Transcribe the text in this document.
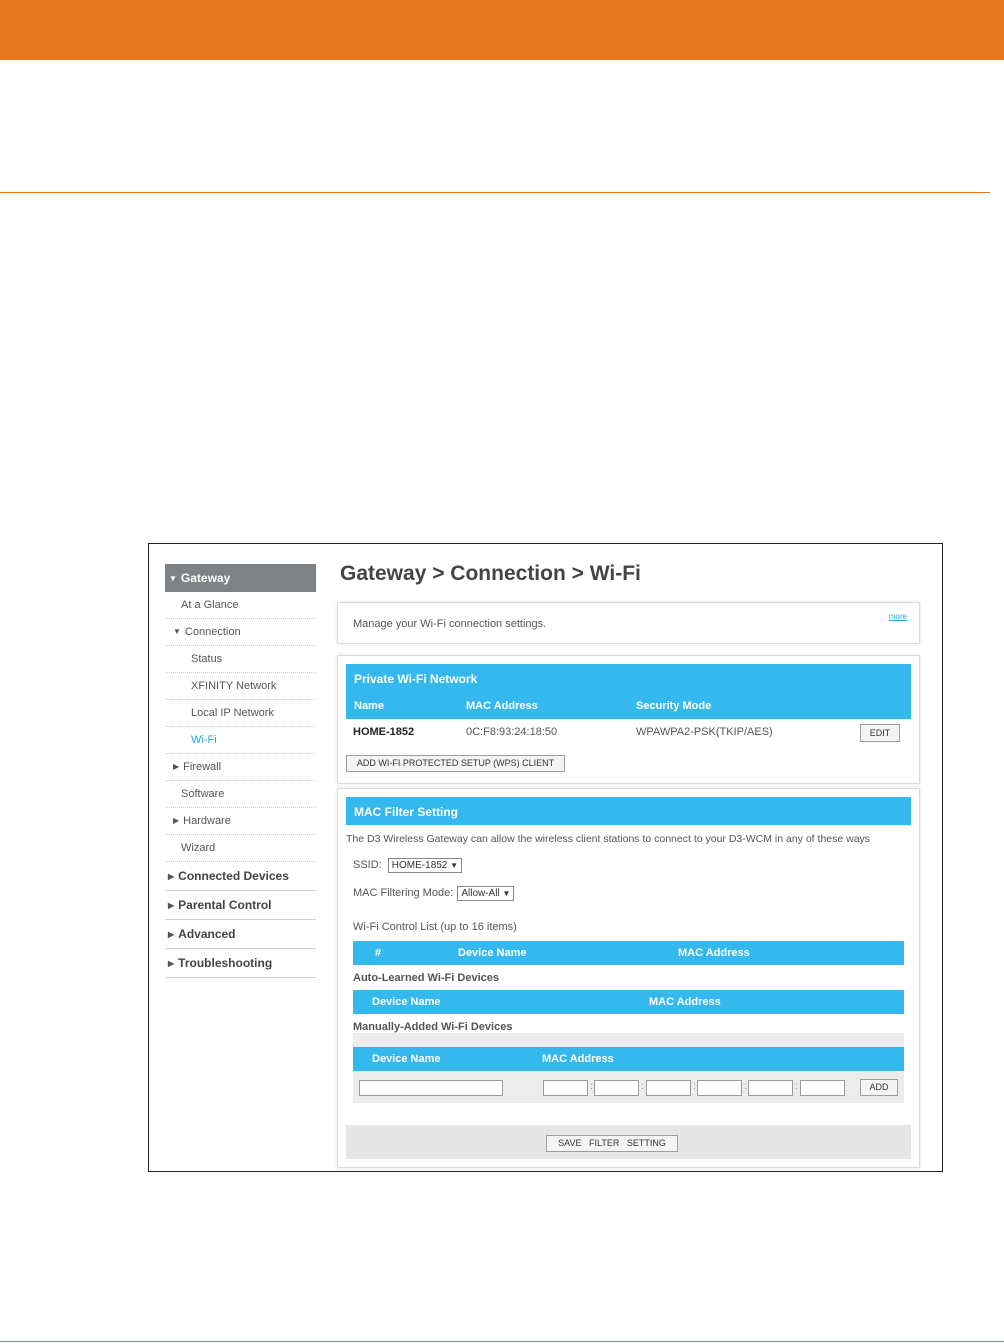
▼ Gateway
At a Glance
▼ Connection
Status
XFINITY Network
Local IP Network
Wi-Fi
▶ Firewall
Software
▶ Hardware
Wizard
▶ Connected Devices
▶ Parental Control
▶ Advanced
▶ Troubleshooting
Gateway > Connection > Wi-Fi
Manage your Wi-Fi connection settings.
more
Private Wi-Fi Network
Name	MAC Address	Security Mode
HOME-1852	0C:F8:93:24:18:50	WPAWPA2-PSK(TKIP/AES)	EDIT
ADD WI-FI PROTECTED SETUP (WPS) CLIENT
MAC Filter Setting
The D3 Wireless Gateway can allow the wireless client stations to connect to your D3-WCM in any of these ways
SSID: HOME-1852 ▼
MAC Filtering Mode: Allow-All ▼
Wi-Fi Control List (up to 16 items)
#	Device Name	MAC Address
Auto-Learned Wi-Fi Devices
Device Name	MAC Address
Manually-Added Wi-Fi Devices
Device Name	MAC Address
:	:	:	:	:	ADD
SAVE   FILTER   SETTING
